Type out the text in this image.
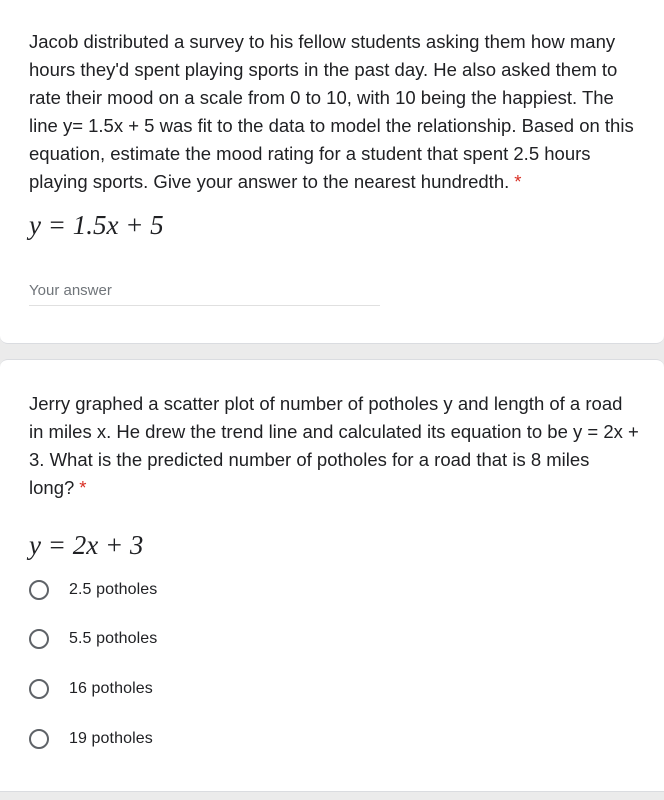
Jacob distributed a survey to his fellow students asking them how many
hours they'd spent playing sports in the past day. He also asked them to
rate their mood on a scale from 0 to 10, with 10 being the happiest. The
line y= 1.5x + 5 was fit to the data to model the relationship. Based on this
equation, estimate the mood rating for a student that spent 2.5 hours
playing sports. Give your answer to the nearest hundredth. *
y = 1.5x + 5
Your answer
Jerry graphed a scatter plot of number of potholes y and length of a road
in miles x. He drew the trend line and calculated its equation to be y = 2x +
3. What is the predicted number of potholes for a road that is 8 miles
long? *
y = 2x + 3
2.5 potholes
5.5 potholes
16 potholes
19 potholes
